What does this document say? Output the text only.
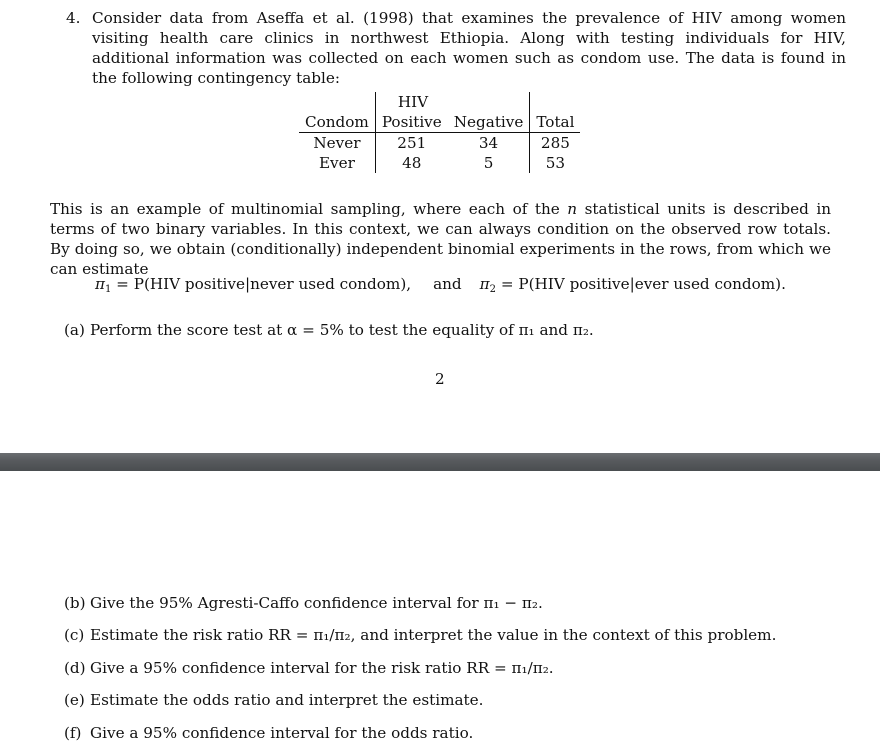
4. Consider data from Aseffa et al. (1998) that examines the prevalence of HIV among women visiting health care clinics in northwest Ethiopia. Along with testing individuals for HIV, additional information was collected on each women such as condom use. The data is found in the following contingency table:
	HIV		
Condom	Positive	Negative	Total
Never	251	34	285
Ever	48	5	53
This is an example of multinomial sampling, where each of the n statistical units is described in terms of two binary variables. In this context, we can always condition on the observed row totals. By doing so, we obtain (conditionally) independent binomial experiments in the rows, from which we can estimate
$\pi_1 = P(HIV$ positive|never used condom), and $\pi_2 = P(HIV$ positive|ever used condom).
(a) Perform the score test at α = 5% to test the equality of π₁ and π₂.
2
(b) Give the 95% Agresti-Caffo confidence interval for π₁ − π₂.
(c) Estimate the risk ratio RR = π₁/π₂, and interpret the value in the context of this problem.
(d) Give a 95% confidence interval for the risk ratio RR = π₁/π₂.
(e) Estimate the odds ratio and interpret the estimate.
(f) Give a 95% confidence interval for the odds ratio.
